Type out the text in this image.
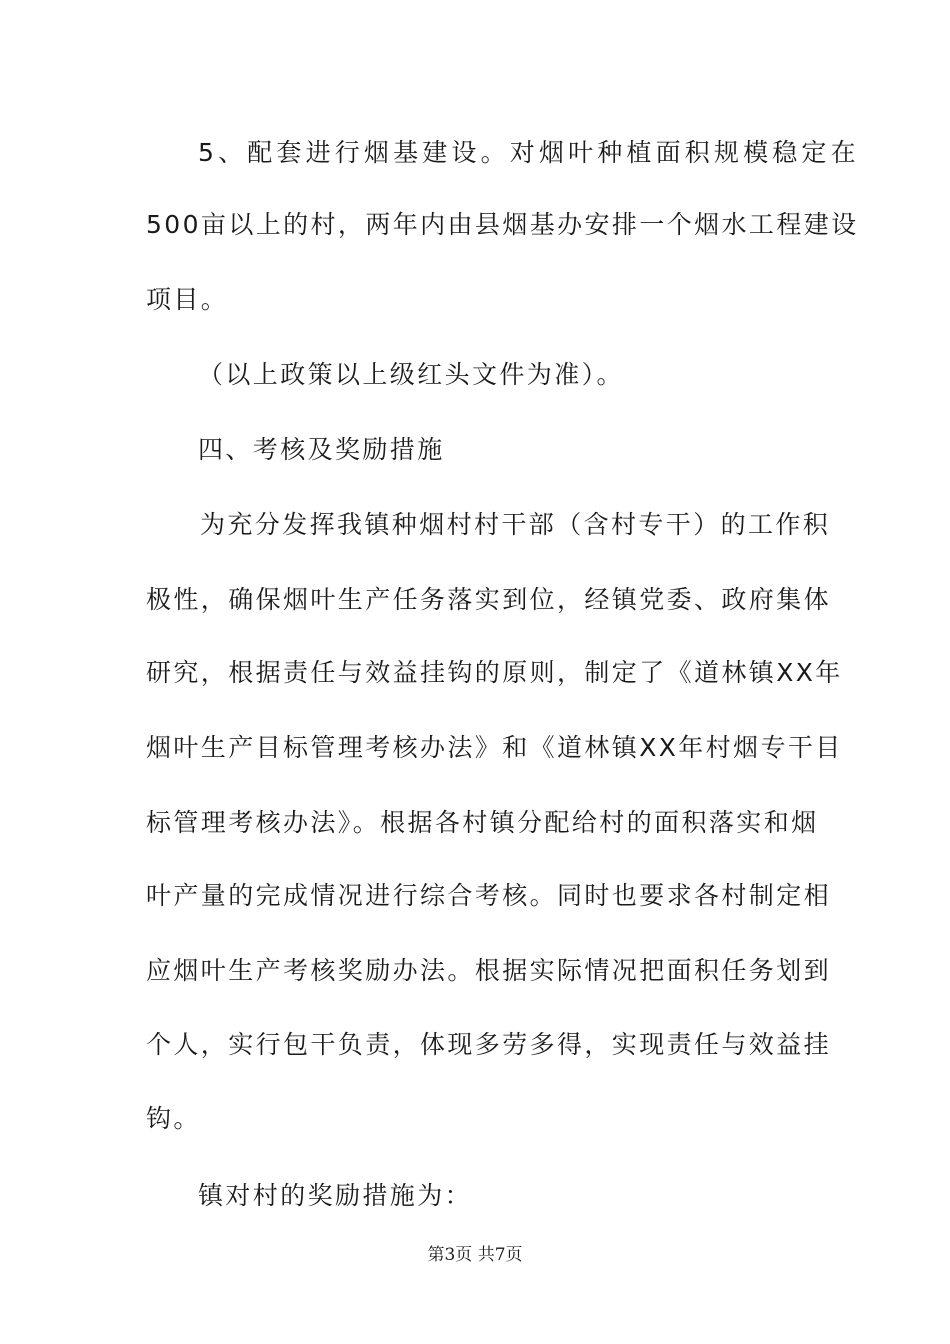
5、配套进行烟基建设。对烟叶种植面积规模稳定在
500亩以上的村，两年内由县烟基办安排一个烟水工程建设
项目。
（以上政策以上级红头文件为准）。
四、考核及奖励措施
为充分发挥我镇种烟村村干部（含村专干）的工作积
极性，确保烟叶生产任务落实到位，经镇党委、政府集体
研究，根据责任与效益挂钩的原则，制定了《道林镇XX年
烟叶生产目标管理考核办法》和《道林镇XX年村烟专干目
标管理考核办法》。根据各村镇分配给村的面积落实和烟
叶产量的完成情况进行综合考核。同时也要求各村制定相
应烟叶生产考核奖励办法。根据实际情况把面积任务划到
个人，实行包干负责，体现多劳多得，实现责任与效益挂
钩。
镇对村的奖励措施为：
第3页 共7页
